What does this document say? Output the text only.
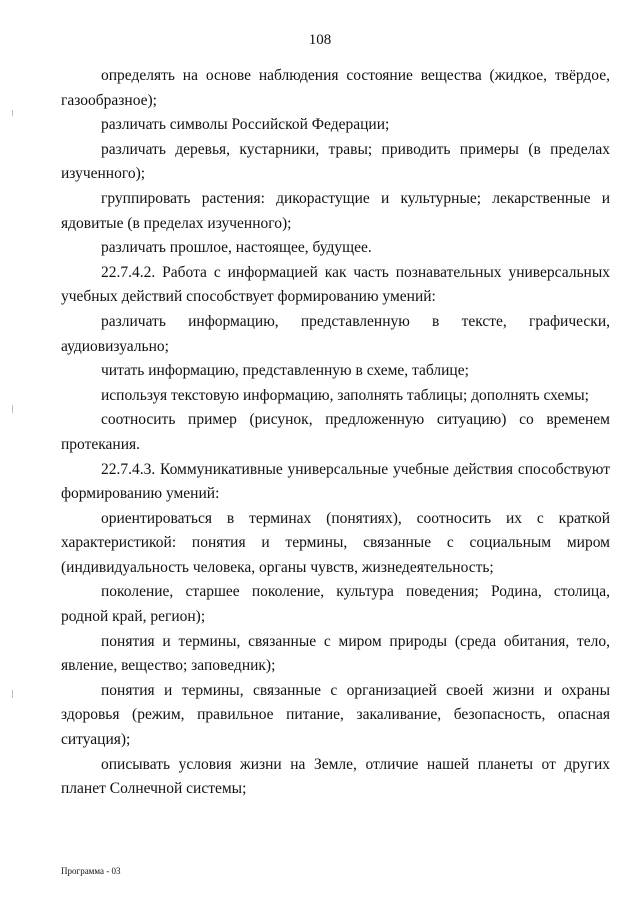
108

определять на основе наблюдения состояние вещества (жидкое, твёрдое, газообразное);

различать символы Российской Федерации;

различать деревья, кустарники, травы; приводить примеры (в пределах изученного);

группировать растения: дикорастущие и культурные; лекарственные и ядовитые (в пределах изученного);

различать прошлое, настоящее, будущее.

22.7.4.2. Работа с информацией как часть познавательных универсальных учебных действий способствует формированию умений:

различать информацию, представленную в тексте, графически, аудиовизуально;

читать информацию, представленную в схеме, таблице;

используя текстовую информацию, заполнять таблицы; дополнять схемы;

соотносить пример (рисунок, предложенную ситуацию) со временем протекания.

22.7.4.3. Коммуникативные универсальные учебные действия способствуют формированию умений:

ориентироваться в терминах (понятиях), соотносить их с краткой характеристикой: понятия и термины, связанные с социальным миром (индивидуальность человека, органы чувств, жизнедеятельность;

поколение, старшее поколение, культура поведения; Родина, столица, родной край, регион);

понятия и термины, связанные с миром природы (среда обитания, тело, явление, вещество; заповедник);

понятия и термины, связанные с организацией своей жизни и охраны здоровья (режим, правильное питание, закаливание, безопасность, опасная ситуация);

описывать условия жизни на Земле, отличие нашей планеты от других планет Солнечной системы;

Программа - 03
